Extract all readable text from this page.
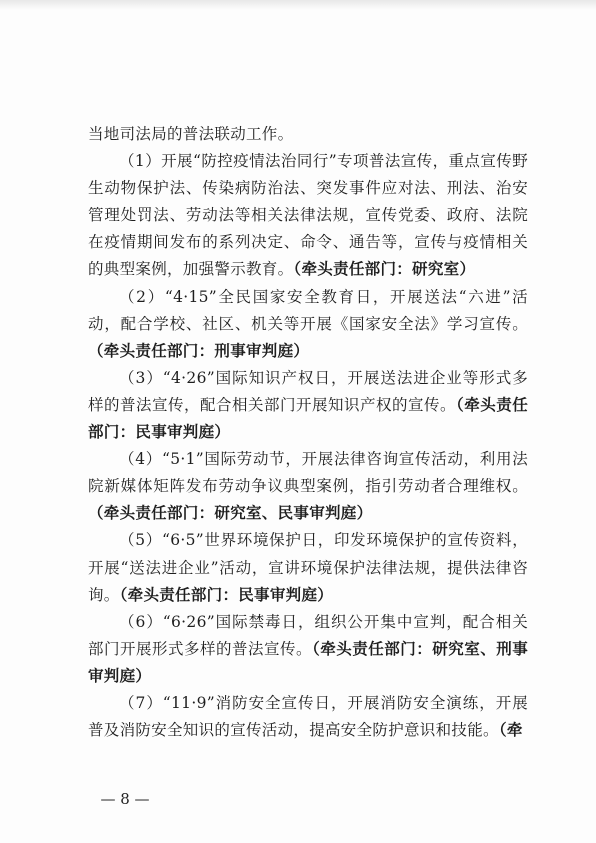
当地司法局的普法联动工作。

（1）开展“防控疫情法治同行”专项普法宣传，重点宣传野生动物保护法、传染病防治法、突发事件应对法、刑法、治安管理处罚法、劳动法等相关法律法规，宣传党委、政府、法院在疫情期间发布的系列决定、命令、通告等，宣传与疫情相关的典型案例，加强警示教育。（牵头责任部门：研究室）

（2）“4·15”全民国家安全教育日，开展送法“六进”活动，配合学校、社区、机关等开展《国家安全法》学习宣传。（牵头责任部门：刑事审判庭）

（3）“4·26”国际知识产权日，开展送法进企业等形式多样的普法宣传，配合相关部门开展知识产权的宣传。（牵头责任部门：民事审判庭）

（4）“5·1”国际劳动节，开展法律咨询宣传活动，利用法院新媒体矩阵发布劳动争议典型案例，指引劳动者合理维权。（牵头责任部门：研究室、民事审判庭）

（5）“6·5”世界环境保护日，印发环境保护的宣传资料，开展“送法进企业”活动，宣讲环境保护法律法规，提供法律咨询。（牵头责任部门：民事审判庭）

（6）“6·26”国际禁毒日，组织公开集中宣判，配合相关部门开展形式多样的普法宣传。（牵头责任部门：研究室、刑事审判庭）

（7）“11·9”消防安全宣传日，开展消防安全演练，开展普及消防安全知识的宣传活动，提高安全防护意识和技能。（牵

— 8 —
